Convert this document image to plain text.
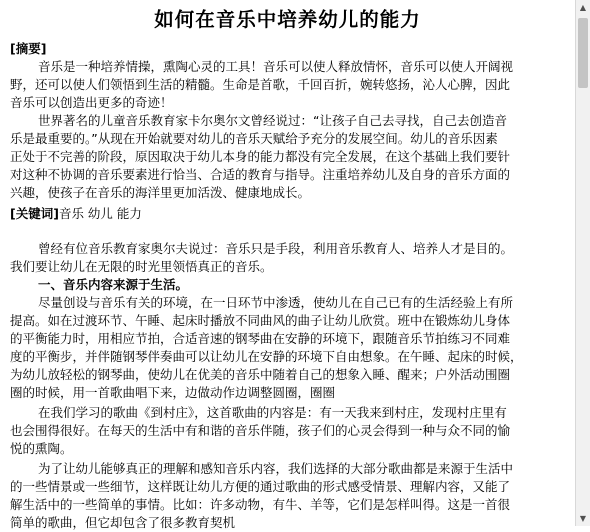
如何在音乐中培养幼儿的能力
[摘要]
音乐是一种培养情操，熏陶心灵的工具！音乐可以使人释放情怀，音乐可以使人开阔视
野，还可以使人们领悟到生活的精髓。生命是首歌，千回百折，婉转悠扬，沁人心脾，因此
音乐可以创造出更多的奇迹！
世界著名的儿童音乐教育家卡尔奥尔文曾经说过：“让孩子自己去寻找，自己去创造音
乐是最重要的。”从现在开始就要对幼儿的音乐天赋给予充分的发展空间。幼儿的音乐因素
正处于不完善的阶段，原因取决于幼儿本身的能力都没有完全发展，在这个基础上我们要针
对这种不协调的音乐要素进行恰当、合适的教育与指导。注重培养幼儿及自身的音乐方面的
兴趣，使孩子在音乐的海洋里更加活泼、健康地成长。
[关键词]音乐 幼儿 能力
曾经有位音乐教育家奥尔夫说过：音乐只是手段，利用音乐教育人、培养人才是目的。
我们要让幼儿在无限的时光里领悟真正的音乐。
一、音乐内容来源于生活。
尽量创设与音乐有关的环境，在一日环节中渗透，使幼儿在自己已有的生活经验上有所
提高。如在过渡环节、午睡、起床时播放不同曲风的曲子让幼儿欣赏。班中在锻炼幼儿身体
的平衡能力时，用相应节拍，合适音速的钢琴曲在安静的环境下，跟随音乐节拍练习不同难
度的平衡步，并伴随钢琴伴奏曲可以让幼儿在安静的环境下自由想象。在午睡、起床的时候，
为幼儿放轻松的钢琴曲，使幼儿在优美的音乐中随着自己的想象入睡、醒来；户外活动围圈
圈的时候，用一首歌曲唱下来，边做动作边调整圆圈，圈圈
在我们学习的歌曲《到村庄》，这首歌曲的内容是：有一天我来到村庄，发现村庄里有
也会围得很好。在每天的生活中有和谐的音乐伴随，孩子们的心灵会得到一种与众不同的愉
悦的熏陶。
为了让幼儿能够真正的理解和感知音乐内容，我们选择的大部分歌曲都是来源于生活中
的一些情景或一些细节，这样既让幼儿方便的通过歌曲的形式感受情景、理解内容，又能了
解生活中的一些简单的事情。比如：许多动物，有牛、羊等，它们是怎样叫得。这是一首很
简单的歌曲，但它却包含了很多教育契机
▲
▼
